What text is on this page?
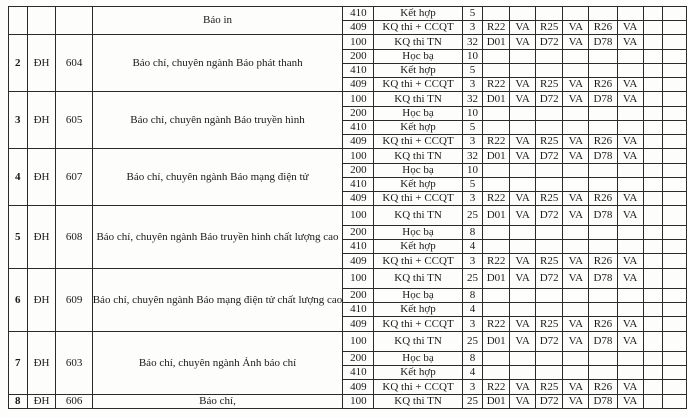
			Báo in	410	Kết hợp	5								
				409	KQ thi + CCQT	3	R22	VA	R25	VA	R26	VA		
2	ĐH	604	Báo chí, chuyên ngành Báo phát thanh	100	KQ thi TN	32	D01	VA	D72	VA	D78	VA		
				200	Học bạ	10								
				410	Kết hợp	5								
				409	KQ thi + CCQT	3	R22	VA	R25	VA	R26	VA		
3	ĐH	605	Báo chí, chuyên ngành Báo truyền hình	100	KQ thi TN	32	D01	VA	D72	VA	D78	VA		
				200	Học bạ	10								
				410	Kết hợp	5								
				409	KQ thi + CCQT	3	R22	VA	R25	VA	R26	VA		
4	ĐH	607	Báo chí, chuyên ngành Báo mạng điện tử	100	KQ thi TN	32	D01	VA	D72	VA	D78	VA		
				200	Học bạ	10								
				410	Kết hợp	5								
				409	KQ thi + CCQT	3	R22	VA	R25	VA	R26	VA		
5	ĐH	608	Báo chí, chuyên ngành Báo truyền hình chất lượng cao	100	KQ thi TN	25	D01	VA	D72	VA	D78	VA		
				200	Học bạ	8								
				410	Kết hợp	4								
				409	KQ thi + CCQT	3	R22	VA	R25	VA	R26	VA		
6	ĐH	609	Báo chí, chuyên ngành Báo mạng điện tử chất lượng cao	100	KQ thi TN	25	D01	VA	D72	VA	D78	VA		
				200	Học bạ	8								
				410	Kết hợp	4								
				409	KQ thi + CCQT	3	R22	VA	R25	VA	R26	VA		
7	ĐH	603	Báo chí, chuyên ngành Ảnh báo chí	100	KQ thi TN	25	D01	VA	D72	VA	D78	VA		
				200	Học bạ	8								
				410	Kết hợp	4								
				409	KQ thi + CCQT	3	R22	VA	R25	VA	R26	VA		
8	ĐH	606	Báo chí,	100	KQ thi TN	25	D01	VA	D72	VA	D78	VA		
